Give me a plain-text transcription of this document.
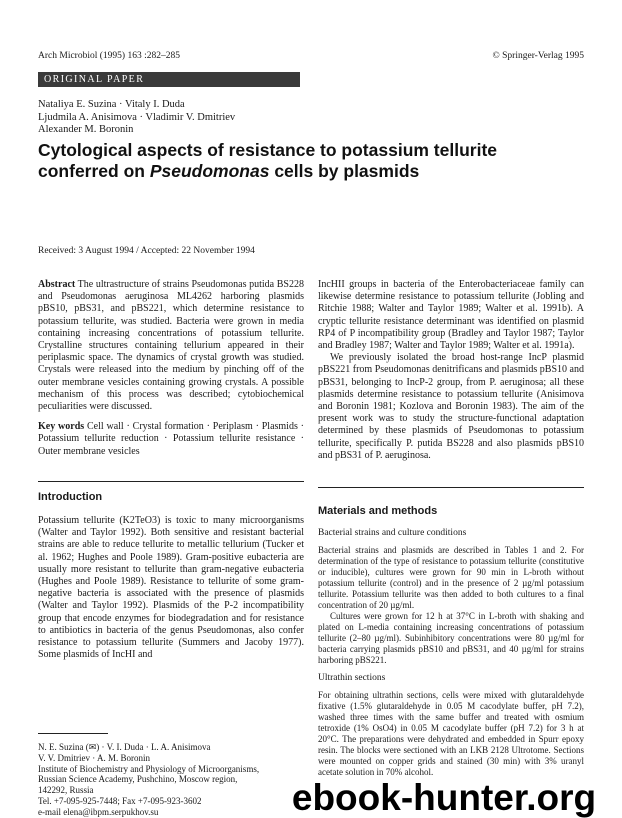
Arch Microbiol (1995) 163 :282–285	© Springer-Verlag 1995
ORIGINAL PAPER
Nataliya E. Suzina · Vitaly I. Duda
Ljudmila A. Anisimova · Vladimir V. Dmitriev
Alexander M. Boronin
Cytological aspects of resistance to potassium tellurite
conferred on Pseudomonas cells by plasmids
Received: 3 August 1994 / Accepted: 22 November 1994

Abstract The ultrastructure of strains Pseudomonas putida BS228 and Pseudomonas aeruginosa ML4262 harboring plasmids pBS10, pBS31, and pBS221, which determine resistance to potassium tellurite, was studied. Bacteria were grown in media containing increasing concentrations of potassium tellurite. Crystalline structures containing tellurium appeared in their periplasmic space. The dynamics of crystal growth was studied. Crystals were released into the medium by pinching off of the outer membrane vesicles containing growing crystals. A possible mechanism of this process was described; cytobiochemical peculiarities were discussed.

Key words Cell wall · Crystal formation · Periplasm · Plasmids · Potassium tellurite reduction · Potassium tellurite resistance · Outer membrane vesicles

Introduction

Potassium tellurite (K2TeO3) is toxic to many microorganisms (Walter and Taylor 1992). Both sensitive and resistant bacterial strains are able to reduce tellurite to metallic tellurium (Tucker et al. 1962; Hughes and Poole 1989). Gram-positive eubacteria are usually more resistant to tellurite than gram-negative eubacteria (Hughes and Poole 1989). Resistance to tellurite of some gram-negative bacteria is associated with the presence of plasmids (Walter and Taylor 1992). Plasmids of the P-2 incompatibility group that encode enzymes for biodegradation and for resistance to antibiotics in bacteria of the genus Pseudomonas, also confer resistance to potassium tellurite (Summers and Jacoby 1977). Some plasmids of IncHI and

N. E. Suzina (✉) · V. I. Duda · L. A. Anisimova
V. V. Dmitriev · A. M. Boronin
Institute of Biochemistry and Physiology of Microorganisms,
Russian Science Academy, Pushchino, Moscow region,
142292, Russia
Tel. +7-095-925-7448; Fax +7-095-923-3602
e-mail elena@ibpm.serpukhov.su

IncHII groups in bacteria of the Enterobacteriaceae family can likewise determine resistance to potassium tellurite (Jobling and Ritchie 1988; Walter and Taylor 1989; Walter et al. 1991b). A cryptic tellurite resistance determinant was identified on plasmid RP4 of P incompatibility group (Bradley and Taylor 1987; Taylor and Bradley 1987; Walter and Taylor 1989; Walter et al. 1991a).

We previously isolated the broad host-range IncP plasmid pBS221 from Pseudomonas denitrificans and plasmids pBS10 and pBS31, belonging to IncP-2 group, from P. aeruginosa; all these plasmids determine resistance to potassium tellurite (Anisimova and Boronin 1981; Kozlova and Boronin 1983). The aim of the present work was to study the structure-functional adaptation determined by these plasmids of Pseudomonas to potassium tellurite, specifically P. putida BS228 and also plasmids pBS10 and pBS31 of P. aeruginosa.

Materials and methods
Bacterial strains and culture conditions

Bacterial strains and plasmids are described in Tables 1 and 2. For determination of the type of resistance to potassium tellurite (constitutive or inducible), cultures were grown for 90 min in L-broth without potassium tellurite (control) and in the presence of 2 µg/ml potassium tellurite. Potassium tellurite was then added to both cultures to a final concentration of 20 µg/ml.

Cultures were grown for 12 h at 37°C in L-broth with shaking and plated on L-media containing increasing concentrations of potassium tellurite (2–80 µg/ml). Subinhibitory concentrations were 80 µg/ml for bacteria carrying plasmids pBS10 and pBS31, and 40 µg/ml for strains harboring pBS221.

Ultrathin sections

For obtaining ultrathin sections, cells were mixed with glutaraldehyde fixative (1.5% glutaraldehyde in 0.05 M cacodylate buffer, pH 7.2), washed three times with the same buffer and treated with osmium tetroxide (1% OsO4) in 0.05 M cacodylate buffer (pH 7.2) for 3 h at 20°C. The preparations were dehydrated and embedded in Spurr epoxy resin. The blocks were sectioned with an LKB 2128 Ultrotome. Sections were mounted on copper grids and stained (30 min) with 3% uranyl acetate solution in 70% alcohol.

ebook-hunter.org
